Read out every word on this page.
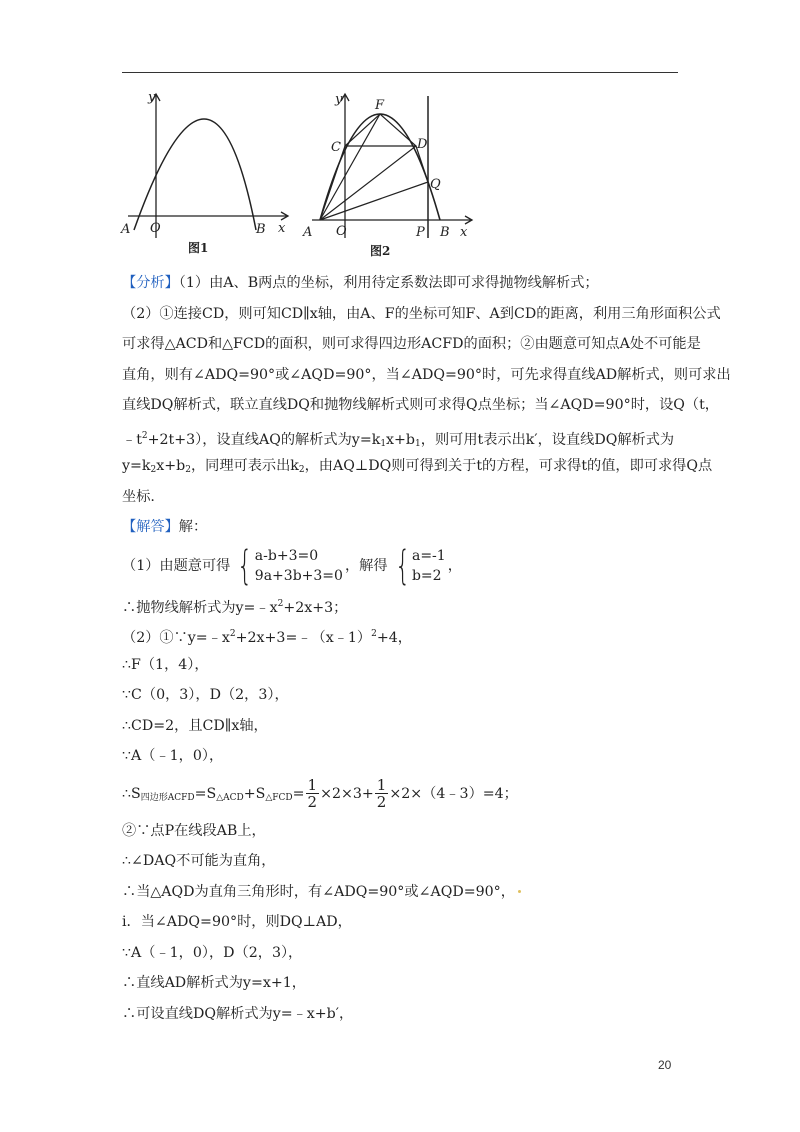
y
x
A O	B
图1
y
x
A O	P B
C
F
D
Q
图2
【分析】（1）由A、B两点的坐标，利用待定系数法即可求得抛物线解析式；
（2）①连接CD，则可知CD∥x轴，由A、F的坐标可知F、A到CD的距离，利用三角形面积公式
可求得△ACD和△FCD的面积，则可求得四边形ACFD的面积；②由题意可知点A处不可能是
直角，则有∠ADQ=90°或∠AQD=90°，当∠ADQ=90°时，可先求得直线AD解析式，则可求出
直线DQ解析式，联立直线DQ和抛物线解析式则可求得Q点坐标；当∠AQD=90°时，设Q（t，
$﹣t^2+2t+3$），设直线AQ的解析式为$y=k_1x+b_1$，则可用t表示出k′，设直线DQ解析式为
$y=k_2x+b_2$，同理可表示出$k_2$，由AQ⊥DQ则可得到关于t的方程，可求得t的值，即可求得Q点
坐标.
【解答】解：
（1）由题意可得 { a-b+3=0
9a+3b+3=0
，解得 { a=-1
b=2
，
∴抛物线解析式为$y=﹣x^2+2x+3$；
$(2)①\because y=﹣x^2+2x+3=﹣(x﹣1)^2+4$，
∴F（1，4），
∵C（0，3），D（2，3），
∴CD=2，且CD∥x轴，
∵A（﹣1，0），
$\therefore S_{四边形ACFD}=S_{\triangle ACD}+S_{\triangle FCD}= \frac{1}{2} \times 2\times 3+ \frac{1}{2}$ ×2×（4﹣3）=4；
②∵点P在线段AB上，
∴∠DAQ不可能为直角，
∴当△AQD为直角三角形时，有∠ADQ=90°或∠AQD=90°，
i．当∠ADQ=90°时，则DQ⊥AD，
∵A（﹣1，0），D（2，3），
∴直线AD解析式为y=x+1，
∴可设直线DQ解析式为y=﹣x+b′，
20
